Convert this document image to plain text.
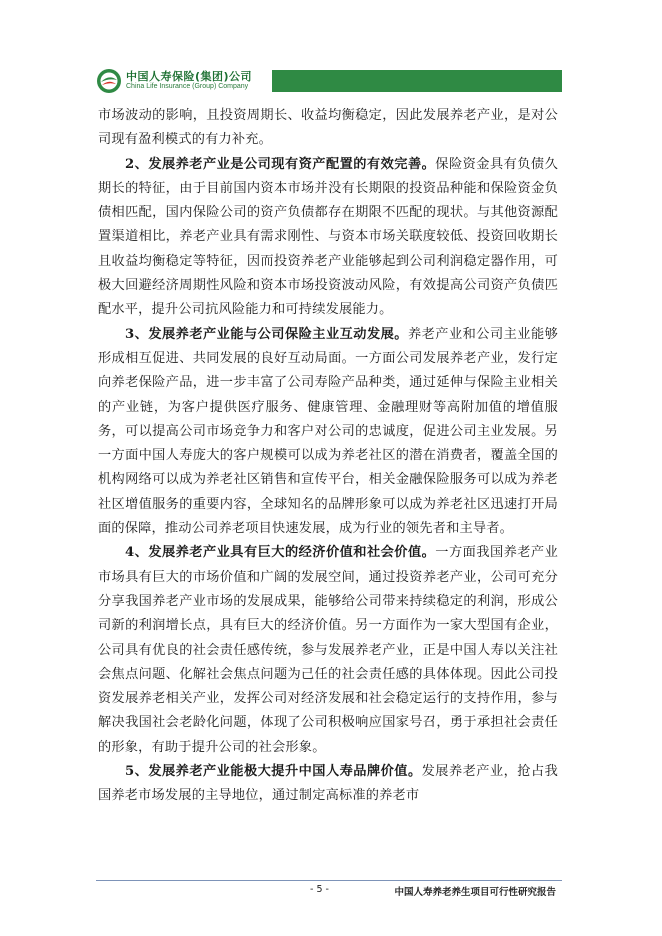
中国人寿保险(集团)公司
China Life Insurance (Group) Company

市场波动的影响，且投资周期长、收益均衡稳定，因此发展养老产业，是对公司现有盈利模式的有力补充。

2、发展养老产业是公司现有资产配置的有效完善。保险资金具有负债久期长的特征，由于目前国内资本市场并没有长期限的投资品种能和保险资金负债相匹配，国内保险公司的资产负债都存在期限不匹配的现状。与其他资源配置渠道相比，养老产业具有需求刚性、与资本市场关联度较低、投资回收期长且收益均衡稳定等特征，因而投资养老产业能够起到公司利润稳定器作用，可极大回避经济周期性风险和资本市场投资波动风险，有效提高公司资产负债匹配水平，提升公司抗风险能力和可持续发展能力。

3、发展养老产业能与公司保险主业互动发展。养老产业和公司主业能够形成相互促进、共同发展的良好互动局面。一方面公司发展养老产业，发行定向养老保险产品，进一步丰富了公司寿险产品种类，通过延伸与保险主业相关的产业链，为客户提供医疗服务、健康管理、金融理财等高附加值的增值服务，可以提高公司市场竞争力和客户对公司的忠诚度，促进公司主业发展。另一方面中国人寿庞大的客户规模可以成为养老社区的潜在消费者，覆盖全国的机构网络可以成为养老社区销售和宣传平台，相关金融保险服务可以成为养老社区增值服务的重要内容，全球知名的品牌形象可以成为养老社区迅速打开局面的保障，推动公司养老项目快速发展，成为行业的领先者和主导者。

4、发展养老产业具有巨大的经济价值和社会价值。一方面我国养老产业市场具有巨大的市场价值和广阔的发展空间，通过投资养老产业，公司可充分分享我国养老产业市场的发展成果，能够给公司带来持续稳定的利润，形成公司新的利润增长点，具有巨大的经济价值。另一方面作为一家大型国有企业，公司具有优良的社会责任感传统，参与发展养老产业，正是中国人寿以关注社会焦点问题、化解社会焦点问题为己任的社会责任感的具体体现。因此公司投资发展养老相关产业，发挥公司对经济发展和社会稳定运行的支持作用，参与解决我国社会老龄化问题，体现了公司积极响应国家号召，勇于承担社会责任的形象，有助于提升公司的社会形象。

5、发展养老产业能极大提升中国人寿品牌价值。发展养老产业，抢占我国养老市场发展的主导地位，通过制定高标准的养老市

- 5 -	中国人寿养老养生项目可行性研究报告
